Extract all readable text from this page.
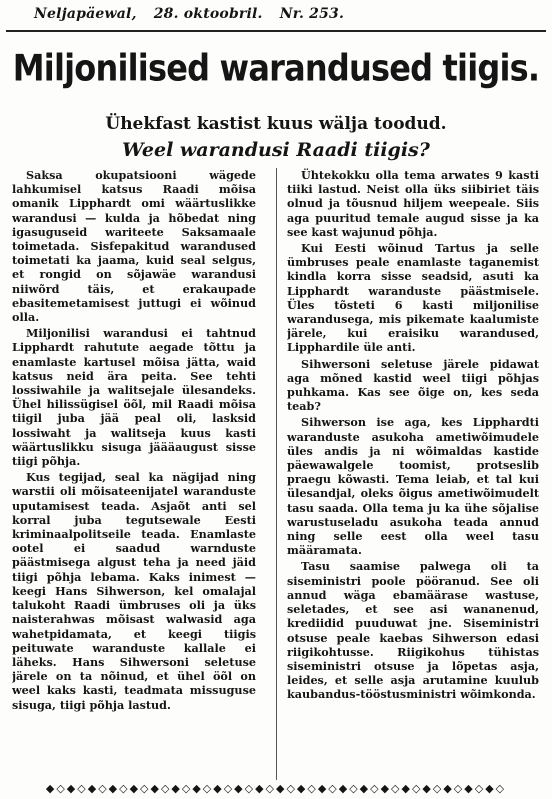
Neljapäewal, 28. oktoobril. Nr. 253.
Miljonilised warandused tiigis.
Ühekfast kastist kuus wälja toodud.
Weel warandusi Raadi tiigis?

Saksa okupatsiooni wägede lahkumisel katsus Raadi mõisa omanik Lipphardt omi wäärtuslikke warandusi — kulda ja hõbedat ning igasuguseid wariteete Saksamaale toimetada. Sisfepakitud warandused toimetati ka jaama, kuid seal selgus, et rongid on sõjawäe warandusi niiwõrd täis, et erakaupade ebasitemetamisest juttugi ei wõinud olla.

Miljonilisi warandusi ei tahtnud Lipphardt rahutute aegade tõttu ja enamlaste kartusel mõisa jätta, waid katsus neid ära peita. See tehti lossiwahile ja walitsejale ülesandeks. Ühel hilissügisel öõl, mil Raadi mõisa tiigil juba jää peal oli, lasksid lossiwaht ja walitseja kuus kasti wäärtuslikku sisuga jäääaugust sisse tiigi põhja.

Kus tegijad, seal ka nägijad ning warstii oli mõisateenijatel waranduste uputamisest teada. Asjaõt anti sel korral juba tegutsewale Eesti kriminaalpolitseile teada. Enamlaste ootel ei saadud warnduste päästmisega algust teha ja need jäid tiigi põhja lebama. Kaks inimest — keegi Hans Sihwerson, kel omalajal talukoht Raadi ümbruses oli ja üks naisterahwas mõisast walwasid aga wahetpidamata, et keegi tiigis peituwate waranduste kallale ei läheks. Hans Sihwersoni seletuse järele on ta nõinud, et ühel öõl on weel kaks kasti, teadmata missuguse sisuga, tiigi põhja lastud.

Ühtekokku olla tema arwates 9 kasti tiiki lastud. Neist olla üks siibiriet täis olnud ja tõusnud hiljem weepeale. Siis aga puuritud temale augud sisse ja ka see kast wajunud põhja.

Kui Eesti wõinud Tartus ja selle ümbruses peale enamlaste taganemist kindla korra sisse seadsid, asuti ka Lipphardt waranduste päästmisele. Üles tõsteti 6 kasti miljonilise warandusega, mis pikemate kaalumiste järele, kui eraisiku warandused, Lipphardile üle anti.

Sihwersoni seletuse järele pidawat aga mõned kastid weel tiigi põhjas puhkama. Kas see õige on, kes seda teab?

Sihwerson ise aga, kes Lipphardti waranduste asukoha ametiwõimudele üles andis ja ni wõimaldas kastide päewawalgele toomist, protseslib praegu kõwasti. Tema leiab, et tal kui ülesandjal, oleks õigus ametiwõimudelt tasu saada. Olla tema ju ka ühe sõjalise warustuseladu asukoha teada annud ning selle eest olla weel tasu määramata.

Tasu saamise palwega oli ta siseministri poole pööranud. See oli annud wäga ebamäärase wastuse, seletades, et see asi wananenud, krediidid puuduwat jne. Siseministri otsuse peale kaebas Sihwerson edasi riigikohtusse. Riigikohus tühistas siseministri otsuse ja lõpetas asja, leides, et selle asja arutamine kuulub kaubandus-tööstusministri wõimkonda.

◆◇◆◇◆◇◆◇◆◇◆◇◆◇◆◇◆◇◆◇◆◇◆◇◆◇◆◇◆◇◆◇◆◇◆◇◆◇◆◇◆◇◆◇
